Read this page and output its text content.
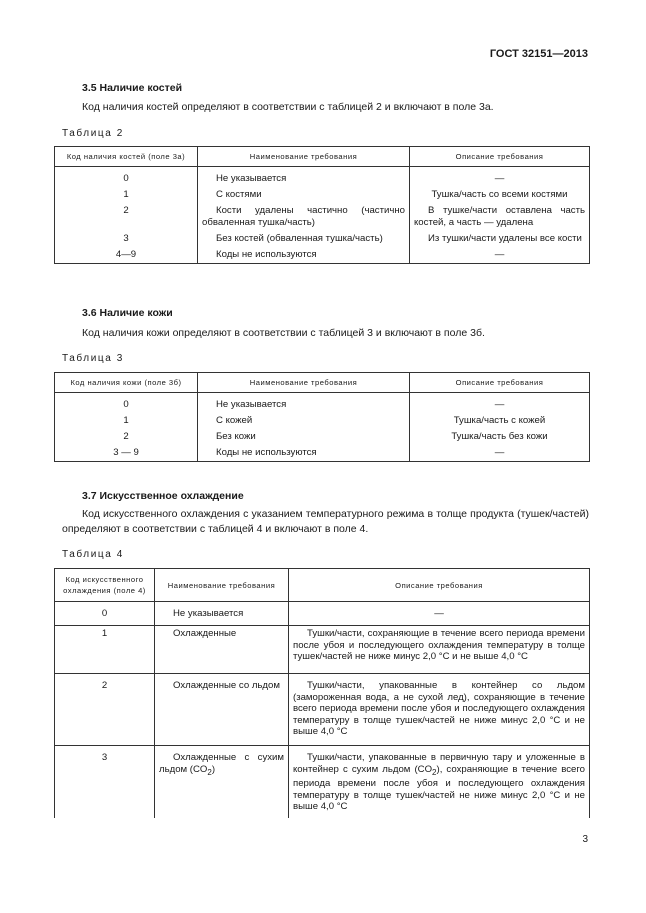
ГОСТ 32151—2013
3.5 Наличие костей
Код наличия костей определяют в соответствии с таблицей 2 и включают в поле 3а.
Таблица 2
Код наличия костей (поле 3а)	Наименование требования	Описание требования
0	Не указывается	—
1	С костями	Тушка/часть со всеми костями
2	Кости удалены частично (частично обваленная тушка/часть)	В тушке/части оставлена часть костей, а часть — удалена
3	Без костей (обваленная тушка/часть)	Из тушки/части удалены все кости
4—9	Коды не используются	—
3.6 Наличие кожи
Код наличия кожи определяют в соответствии с таблицей 3 и включают в поле 3б.
Таблица 3
Код наличия кожи (поле 3б)	Наименование требования	Описание требования
0	Не указывается	—
1	С кожей	Тушка/часть с кожей
2	Без кожи	Тушка/часть без кожи
3 — 9	Коды не используются	—
3.7 Искусственное охлаждение
Код искусственного охлаждения с указанием температурного режима в толще продукта (тушек/частей) определяют в соответствии с таблицей 4 и включают в поле 4.
Таблица 4
Код искусственного охлаждения (поле 4)	Наименование требования	Описание требования
0	Не указывается	—
1	Охлажденные	Тушки/части, сохраняющие в течение всего периода времени после убоя и последующего охлаждения температуру в толще тушек/частей не ниже минус 2,0 °С и не выше 4,0 °С
2	Охлажденные со льдом	Тушки/части, упакованные в контейнер со льдом (замороженная вода, а не сухой лед), сохраняющие в течение всего периода времени после убоя и последующего охлаждения температуру в толще тушек/частей не ниже минус 2,0 °С и не выше 4,0 °С
3	Охлажденные с сухим льдом $(CO_2)$	Тушки/части, упакованные в первичную тару и уложенные в контейнер с сухим льдом $(CO_2)$, сохраняющие в течение всего периода времени после убоя и последующего охлаждения температуру в толще тушек/частей не ниже минус 2,0 °С и не выше 4,0 °С
3
